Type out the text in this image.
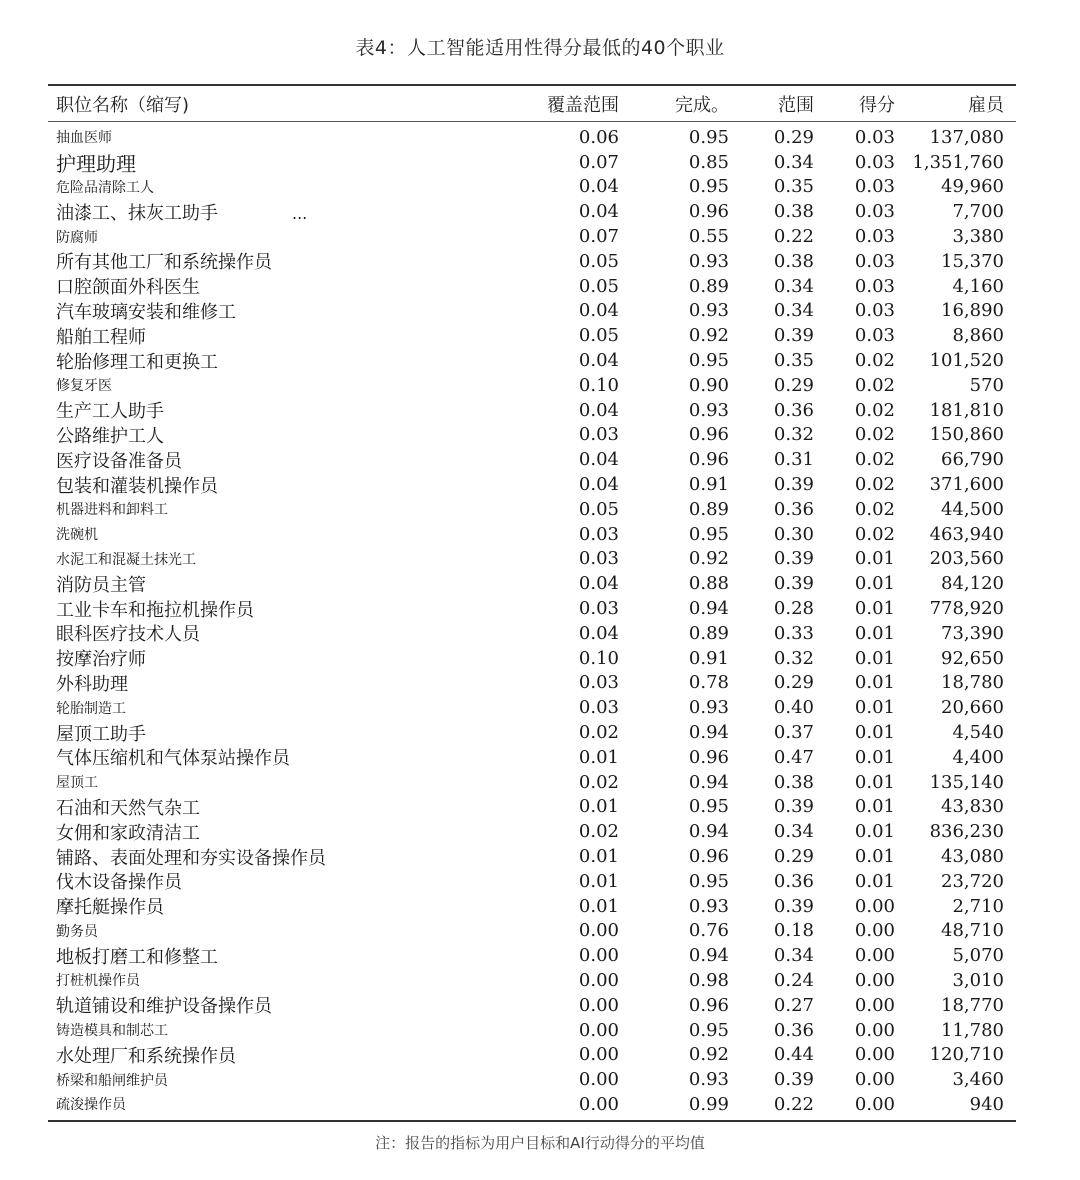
表4：人工智能适用性得分最低的40个职业
职位名称（缩写)	覆盖范围	完成。	范围	得分	雇员
抽血医师	0.06	0.95	0.29	0.03	137,080
护理助理	0.07	0.85	0.34	0.03 1,351,760
危险品清除工人	0.04	0.95	0.35	0.03	49,960
油漆工、抹灰工助手	...	0.04	0.96	0.38	0.03	7,700
防腐师	0.07	0.55	0.22	0.03	3,380
所有其他工厂和系统操作员	0.05	0.93	0.38	0.03	15,370
口腔颌面外科医生	0.05	0.89	0.34	0.03	4,160
汽车玻璃安装和维修工	0.04	0.93	0.34	0.03	16,890
船舶工程师	0.05	0.92	0.39	0.03	8,860
轮胎修理工和更换工	0.04	0.95	0.35	0.02	101,520
修复牙医	0.10	0.90	0.29	0.02	570
生产工人助手	0.04	0.93	0.36	0.02	181,810
公路维护工人	0.03	0.96	0.32	0.02	150,860
医疗设备准备员	0.04	0.96	0.31	0.02	66,790
包装和灌装机操作员	0.04	0.91	0.39	0.02	371,600
机器进料和卸料工	0.05	0.89	0.36	0.02	44,500
洗碗机	0.03	0.95	0.30	0.02	463,940
水泥工和混凝土抹光工	0.03	0.92	0.39	0.01	203,560
消防员主管	0.04	0.88	0.39	0.01	84,120
工业卡车和拖拉机操作员	0.03	0.94	0.28	0.01	778,920
眼科医疗技术人员	0.04	0.89	0.33	0.01	73,390
按摩治疗师	0.10	0.91	0.32	0.01	92,650
外科助理	0.03	0.78	0.29	0.01	18,780
轮胎制造工	0.03	0.93	0.40	0.01	20,660
屋顶工助手	0.02	0.94	0.37	0.01	4,540
气体压缩机和气体泵站操作员	0.01	0.96	0.47	0.01	4,400
屋顶工	0.02	0.94	0.38	0.01	135,140
石油和天然气杂工	0.01	0.95	0.39	0.01	43,830
女佣和家政清洁工	0.02	0.94	0.34	0.01	836,230
铺路、表面处理和夯实设备操作员	0.01	0.96	0.29	0.01	43,080
伐木设备操作员	0.01	0.95	0.36	0.01	23,720
摩托艇操作员	0.01	0.93	0.39	0.00	2,710
勤务员	0.00	0.76	0.18	0.00	48,710
地板打磨工和修整工	0.00	0.94	0.34	0.00	5,070
打桩机操作员	0.00	0.98	0.24	0.00	3,010
轨道铺设和维护设备操作员	0.00	0.96	0.27	0.00	18,770
铸造模具和制芯工	0.00	0.95	0.36	0.00	11,780
水处理厂和系统操作员	0.00	0.92	0.44	0.00	120,710
桥梁和船闸维护员	0.00	0.93	0.39	0.00	3,460
疏浚操作员	0.00	0.99	0.22	0.00	940
注：报告的指标为用户目标和AI行动得分的平均值
